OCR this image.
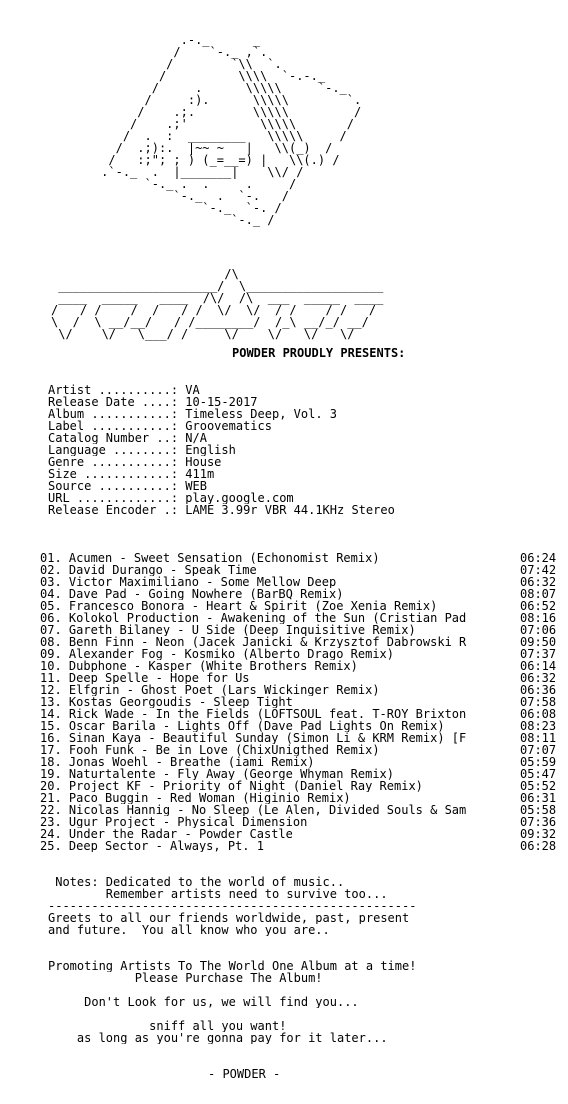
.-._      _
/    `-._ ,`.
/        `\\  `.
/          \\\\  `-.-._
/     .      \\\\\     `-._
/     :).      \\\\\        `.
/    .;.        \\\\\         /
/    .;'          \\\\\       /
/  .  :  ________   \\\\\     /
/  .;):.  |~~ ~   |   \\(_)  /
/   :;"; ; ) (_=__=) |   \\(.) /
.`-._  .  |_______|    \\/ /
`-._ .  .     .     /
`-._  .  `-.   /
`-._  `-. /
`-._ /
/\
______________________/  \___________________
____  _____   ____  /\/  /\  ___  _____  ____
/   / /    /  /   / /  \/  \/  / /    / /   /
\  /  \ __/__/   / /________/  /_\ __/_/ __/
\/    \/   \___/ /     \/    \/   \/   \/
POWDER PROUDLY PRESENTS:
Artist ..........: VA
Release Date ....: 10-15-2017
Album ...........: Timeless Deep, Vol. 3
Label ...........: Groovematics
Catalog Number ..: N/A
Language ........: English
Genre ...........: House
Size ............: 411m
Source ..........: WEB
URL .............: play.google.com
Release Encoder .: LAME 3.99r VBR 44.1KHz Stereo
___________________________________________________
01. Acumen - Sweet Sensation (Echonomist Remix)	06:24
02. David Durango - Speak Time	07:42
03. Victor Maximiliano - Some Mellow Deep	06:32
04. Dave Pad - Going Nowhere (BarBQ Remix)	08:07
05. Francesco Bonora - Heart & Spirit (Zoe Xenia Remix)	06:52
06. Kolokol Production - Awakening of the Sun (Cristian Pad	08:16
07. Gareth Bilaney - U Side (Deep Inquisitive Remix)	07:06
08. Benn Finn - Neon (Jacek Janicki & Krzysztof Dabrowski R	09:50
09. Alexander Fog - Kosmiko (Alberto Drago Remix)	07:37
10. Dubphone - Kasper (White Brothers Remix)	06:14
11. Deep Spelle - Hope for Us	06:32
12. Elfgrin - Ghost Poet (Lars Wickinger Remix)	06:36
13. Kostas Georgoudis - Sleep Tight	07:58
14. Rick Wade - In the Fields (LOFTSOUL feat. T-ROY Brixton	06:08
15. Oscar Barila - Lights Off (Dave Pad Lights On Remix)	08:23
16. Sinan Kaya - Beautiful Sunday (Simon Li & KRM Remix) [F	08:11
17. Fooh Funk - Be in Love (ChixUnigthed Remix)	07:07
18. Jonas Woehl - Breathe (iami Remix)	05:59
19. Naturtalente - Fly Away (George Whyman Remix)	05:47
20. Project KF - Priority of Night (Daniel Ray Remix)	05:52
21. Paco Buggin - Red Woman (Higinio Remix)	06:31
22. Nicolas Hannig - No Sleep (Le Alen, Divided Souls & Sam	05:58
23. Ugur Project - Physical Dimension	07:36
24. Under the Radar - Powder Castle	09:32
25. Deep Sector - Always, Pt. 1	06:28
___________________________________________________
Notes: Dedicated to the world of music..
Remember artists need to survive too...
---------------------------------------------------
Greets to all our friends worldwide, past, present
and future.  You all know who you are..
Promoting Artists To The World One Album at a time!
Please Purchase The Album!
Don't Look for us, we will find you...
sniff all you want!
as long as you're gonna pay for it later...
- POWDER -
